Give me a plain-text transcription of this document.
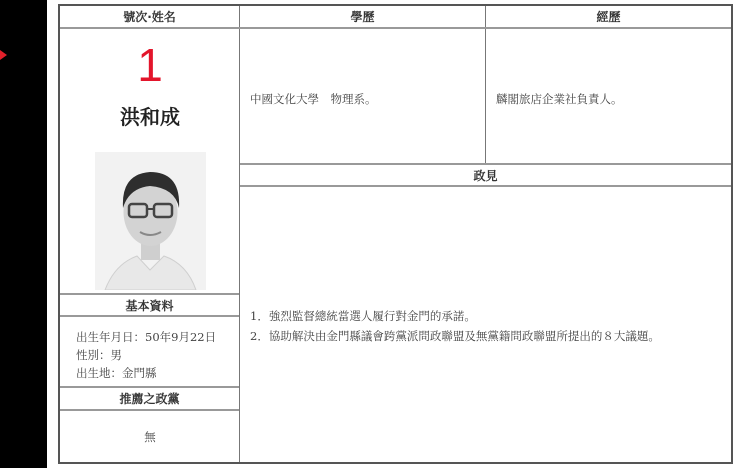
號次·姓名	學歷	經歷
1
洪和成
基本資料
出生年月日：50年9月22日
性別：男
出生地：金門縣
推薦之政黨
無
中國文化大學　物理系。	麟閣旅店企業社負責人。
政見
1．強烈監督總統當選人履行對金門的承諾。
2．協助解決由金門縣議會跨黨派問政聯盟及無黨籍問政聯盟所提出的８大議題。
